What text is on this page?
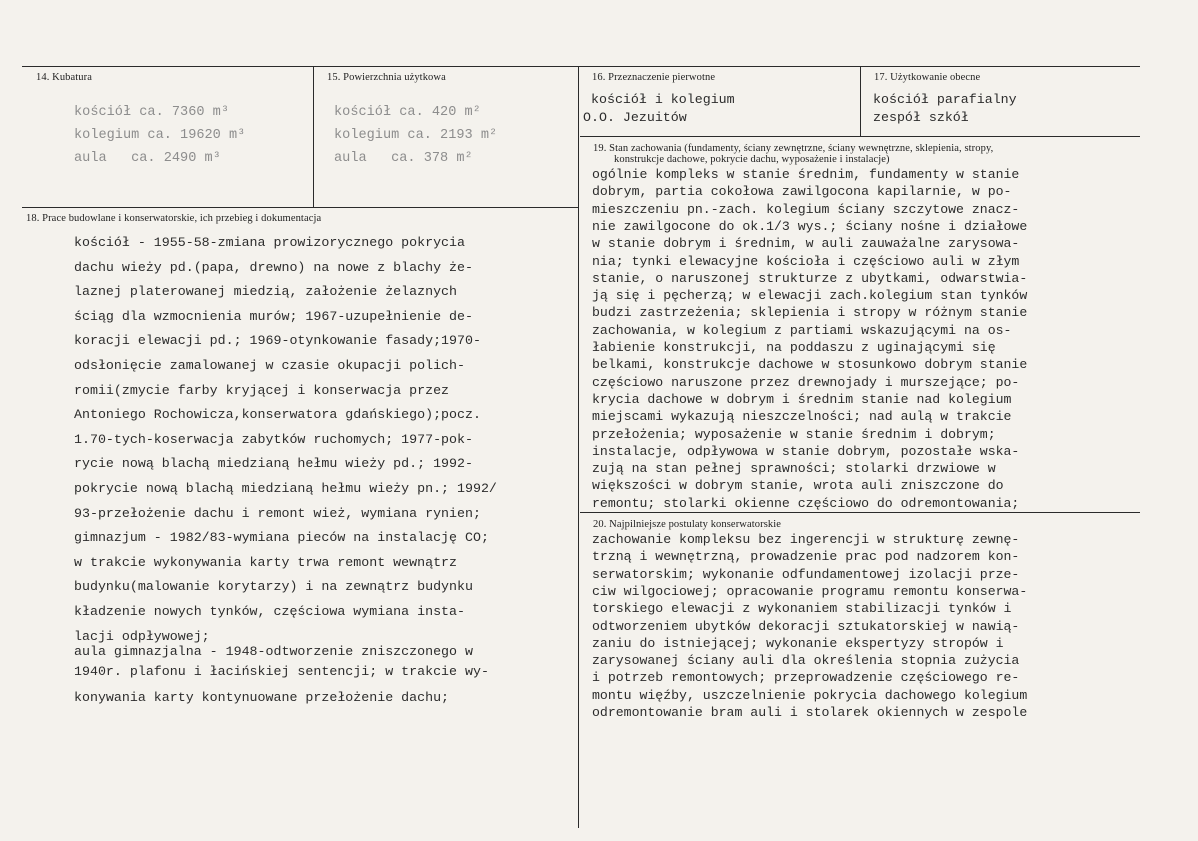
14. Kubatura
kościół ca. 7360 m³
kolegium ca. 19620 m³
aula   ca. 2490 m³
15. Powierzchnia użytkowa
kościół ca. 420 m²
kolegium ca. 2193 m²
aula   ca. 378 m²
16. Przeznaczenie pierwotne
kościół i kolegium
O.O. Jezuitów
17. Użytkowanie obecne
kościół parafialny
zespół szkół
18. Prace budowlane i konserwatorskie, ich przebieg i dokumentacja
kościół - 1955-58-zmiana prowizorycznego pokrycia
dachu wieży pd.(papa, drewno) na nowe z blachy że-
laznej platerowanej miedzią, założenie żelaznych
ściąg dla wzmocnienia murów; 1967-uzupełnienie de-
koracji elewacji pd.; 1969-otynkowanie fasady;1970-
odsłonięcie zamalowanej w czasie okupacji polich-
romii(zmycie farby kryjącej i konserwacja przez
Antoniego Rochowicza,konserwatora gdańskiego);pocz.
1.70-tych-koserwacja zabytków ruchomych; 1977-pok-
rycie nową blachą miedzianą hełmu wieży pd.; 1992-
pokrycie nową blachą miedzianą hełmu wieży pn.; 1992/
93-przełożenie dachu i remont wież, wymiana rynien;
gimnazjum - 1982/83-wymiana pieców na instalację CO;
w trakcie wykonywania karty trwa remont wewnątrz
budynku(malowanie korytarzy) i na zewnątrz budynku
kładzenie nowych tynków, częściowa wymiana insta-
lacji odpływowej;
aula gimnazjalna - 1948-odtworzenie zniszczonego w
1940r. plafonu i łacińskiej sentencji; w trakcie wy-
konywania karty kontynuowane przełożenie dachu;
19. Stan zachowania (fundamenty, ściany zewnętrzne, ściany wewnętrzne, sklepienia, stropy,
konstrukcje dachowe, pokrycie dachu, wyposażenie i instalacje)
ogólnie kompleks w stanie średnim, fundamenty w stanie
dobrym, partia cokołowa zawilgocona kapilarnie, w po-
mieszczeniu pn.-zach. kolegium ściany szczytowe znacz-
nie zawilgocone do ok.1/3 wys.; ściany nośne i działowe
w stanie dobrym i średnim, w auli zauważalne zarysowa-
nia; tynki elewacyjne kościoła i częściowo auli w złym
stanie, o naruszonej strukturze z ubytkami, odwarstwia-
ją się i pęcherzą; w elewacji zach.kolegium stan tynków
budzi zastrzeżenia; sklepienia i stropy w różnym stanie
zachowania, w kolegium z partiami wskazującymi na os-
łabienie konstrukcji, na poddaszu z uginającymi się
belkami, konstrukcje dachowe w stosunkowo dobrym stanie
częściowo naruszone przez drewnojady i murszejące; po-
krycia dachowe w dobrym i średnim stanie nad kolegium
miejscami wykazują nieszczelności; nad aulą w trakcie
przełożenia; wyposażenie w stanie średnim i dobrym;
instalacje, odpływowa w stanie dobrym, pozostałe wska-
zują na stan pełnej sprawności; stolarki drzwiowe w
większości w dobrym stanie, wrota auli zniszczone do
remontu; stolarki okienne częściowo do odremontowania;
20. Najpilniejsze postulaty konserwatorskie
zachowanie kompleksu bez ingerencji w strukturę zewnę-
trzną i wewnętrzną, prowadzenie prac pod nadzorem kon-
serwatorskim; wykonanie odfundamentowej izolacji prze-
ciw wilgociowej; opracowanie programu remontu konserwa-
torskiego elewacji z wykonaniem stabilizacji tynków i
odtworzeniem ubytków dekoracji sztukatorskiej w nawią-
zaniu do istniejącej; wykonanie ekspertyzy stropów i
zarysowanej ściany auli dla określenia stopnia zużycia
i potrzeb remontowych; przeprowadzenie częściowego re-
montu więźby, uszczelnienie pokrycia dachowego kolegium
odremontowanie bram auli i stolarek okiennych w zespole
